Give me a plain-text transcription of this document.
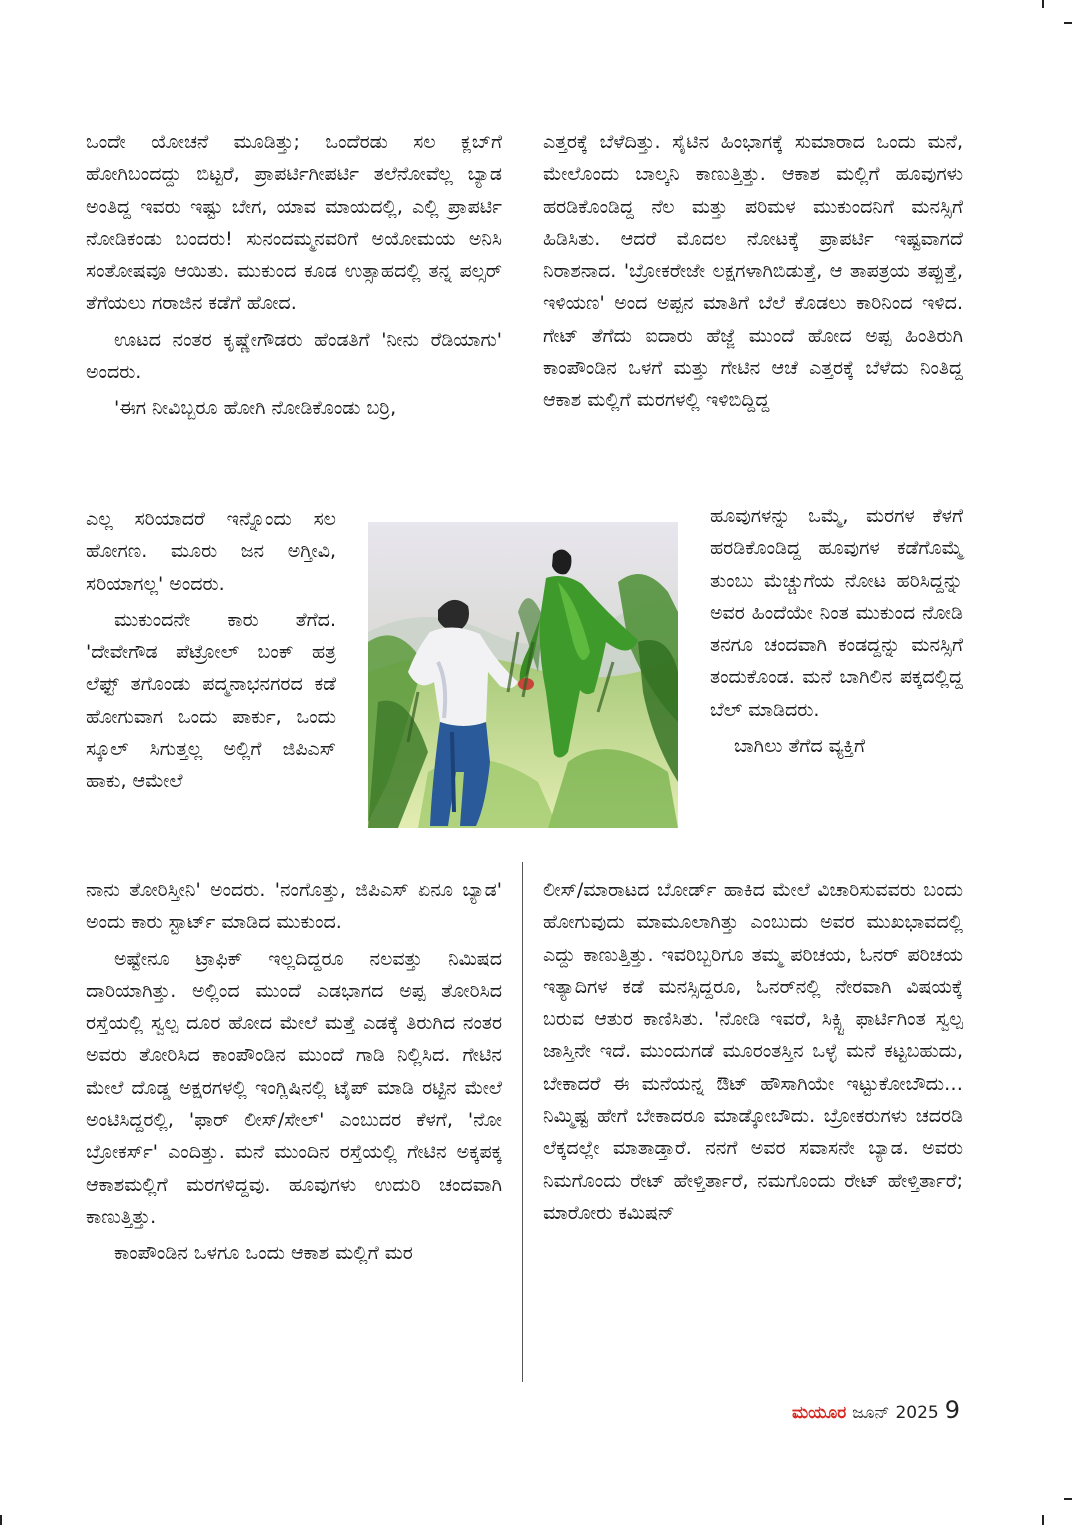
ಒಂದೇ ಯೋಚನೆ ಮೂಡಿತ್ತು; ಒಂದೆರಡು ಸಲ ಕ್ಲಬ್‌ಗೆ ಹೋಗಿಬಂದದ್ದು ಬಿಟ್ಟರೆ, ಪ್ರಾಪರ್ಟಿಗೀಪರ್ಟಿ ತಲೆನೋವೆಲ್ಲ ಬ್ಯಾಡ ಅಂತಿದ್ದ ಇವರು ಇಷ್ಟು ಬೇಗ, ಯಾವ ಮಾಯದಲ್ಲಿ, ಎಲ್ಲಿ ಪ್ರಾಪರ್ಟಿ ನೋಡಿಕಂಡು ಬಂದರು! ಸುನಂದಮ್ಮನವರಿಗೆ ಅಯೋಮಯ ಅನಿಸಿ ಸಂತೋಷವೂ ಆಯಿತು. ಮುಕುಂದ ಕೂಡ ಉತ್ಸಾಹದಲ್ಲಿ ತನ್ನ ಪಲ್ಸರ್ ತೆಗೆಯಲು ಗರಾಜಿನ ಕಡೆಗೆ ಹೋದ.

ಊಟದ ನಂತರ ಕೃಷ್ಣೇಗೌಡರು ಹೆಂಡತಿಗೆ 'ನೀನು ರೆಡಿಯಾಗು' ಅಂದರು.

'ಈಗ ನೀವಿಬ್ಬರೂ ಹೋಗಿ ನೋಡಿಕೊಂಡು ಬರ್ರಿ,

ಎಲ್ಲ ಸರಿಯಾದರೆ ಇನ್ನೊಂದು ಸಲ ಹೋಗಣ. ಮೂರು ಜನ ಅಗ್ತೀವಿ, ಸರಿಯಾಗಲ್ಲ' ಅಂದರು.

ಮುಕುಂದನೇ ಕಾರು ತೆಗೆದ. 'ದೇವೇಗೌಡ ಪೆಟ್ರೋಲ್ ಬಂಕ್ ಹತ್ರ ಲೆಫ್ಟ್ ತಗೊಂಡು ಪದ್ಮನಾಭನಗರದ ಕಡೆ ಹೋಗುವಾಗ ಒಂದು ಪಾರ್ಕು, ಒಂದು ಸ್ಕೂಲ್ ಸಿಗುತ್ತಲ್ಲ ಅಲ್ಲಿಗೆ ಜಿಪಿಎಸ್ ಹಾಕು, ಆಮೇಲೆ

ನಾನು ತೋರಿಸ್ತೀನಿ' ಅಂದರು. 'ನಂಗೊತ್ತು, ಜಿಪಿಎಸ್ ಏನೂ ಬ್ಯಾಡ' ಅಂದು ಕಾರು ಸ್ಟಾರ್ಟ್ ಮಾಡಿದ ಮುಕುಂದ.

ಅಷ್ಟೇನೂ ಟ್ರಾಫಿಕ್ ಇಲ್ಲದಿದ್ದರೂ ನಲವತ್ತು ನಿಮಿಷದ ದಾರಿಯಾಗಿತ್ತು. ಅಲ್ಲಿಂದ ಮುಂದೆ ಎಡಭಾಗದ ಅಪ್ಪ ತೋರಿಸಿದ ರಸ್ತೆಯಲ್ಲಿ ಸ್ವಲ್ಪ ದೂರ ಹೋದ ಮೇಲೆ ಮತ್ತೆ ಎಡಕ್ಕೆ ತಿರುಗಿದ ನಂತರ ಅವರು ತೋರಿಸಿದ ಕಾಂಪೌಂಡಿನ ಮುಂದೆ ಗಾಡಿ ನಿಲ್ಲಿಸಿದ. ಗೇಟಿನ ಮೇಲೆ ದೊಡ್ಡ ಅಕ್ಷರಗಳಲ್ಲಿ ಇಂಗ್ಲಿಷಿನಲ್ಲಿ ಟೈಪ್ ಮಾಡಿ ರಟ್ಟಿನ ಮೇಲೆ ಅಂಟಿಸಿದ್ದರಲ್ಲಿ, 'ಫಾರ್ ಲೀಸ್/ಸೇಲ್' ಎಂಬುದರ ಕೆಳಗೆ, 'ನೋ ಬ್ರೋಕರ್ಸ್' ಎಂದಿತ್ತು. ಮನೆ ಮುಂದಿನ ರಸ್ತೆಯಲ್ಲಿ ಗೇಟಿನ ಅಕ್ಕಪಕ್ಕ ಆಕಾಶಮಲ್ಲಿಗೆ ಮರಗಳಿದ್ದವು. ಹೂವುಗಳು ಉದುರಿ ಚಂದವಾಗಿ ಕಾಣುತ್ತಿತ್ತು.

ಕಾಂಪೌಂಡಿನ ಒಳಗೂ ಒಂದು ಆಕಾಶ ಮಲ್ಲಿಗೆ ಮರ

ಎತ್ತರಕ್ಕೆ ಬೆಳೆದಿತ್ತು. ಸೈಟಿನ ಹಿಂಭಾಗಕ್ಕೆ ಸುಮಾರಾದ ಒಂದು ಮನೆ, ಮೇಲೊಂದು ಬಾಲ್ಕನಿ ಕಾಣುತ್ತಿತ್ತು. ಆಕಾಶ ಮಲ್ಲಿಗೆ ಹೂವುಗಳು ಹರಡಿಕೊಂಡಿದ್ದ ನೆಲ ಮತ್ತು ಪರಿಮಳ ಮುಕುಂದನಿಗೆ ಮನಸ್ಸಿಗೆ ಹಿಡಿಸಿತು. ಆದರೆ ಮೊದಲ ನೋಟಕ್ಕೆ ಪ್ರಾಪರ್ಟಿ ಇಷ್ಟವಾಗದೆ ನಿರಾಶನಾದ. 'ಬ್ರೋಕರೇಜೇ ಲಕ್ಷಗಳಾಗಿಬಿಡುತ್ತೆ, ಆ ತಾಪತ್ರಯ ತಪ್ಪುತ್ತೆ, ಇಳಿಯಣ' ಅಂದ ಅಪ್ಪನ ಮಾತಿಗೆ ಬೆಲೆ ಕೊಡಲು ಕಾರಿನಿಂದ ಇಳಿದ. ಗೇಟ್ ತೆಗೆದು ಐದಾರು ಹೆಜ್ಜೆ ಮುಂದೆ ಹೋದ ಅಪ್ಪ ಹಿಂತಿರುಗಿ ಕಾಂಪೌಂಡಿನ ಒಳಗೆ ಮತ್ತು ಗೇಟಿನ ಆಚೆ ಎತ್ತರಕ್ಕೆ ಬೆಳೆದು ನಿಂತಿದ್ದ ಆಕಾಶ ಮಲ್ಲಿಗೆ ಮರಗಳಲ್ಲಿ ಇಳಿಬಿದ್ದಿದ್ದ

ಹೂವುಗಳನ್ನು ಒಮ್ಮೆ, ಮರಗಳ ಕೆಳಗೆ ಹರಡಿಕೊಂಡಿದ್ದ ಹೂವುಗಳ ಕಡೆಗೊಮ್ಮೆ ತುಂಬು ಮೆಚ್ಚುಗೆಯ ನೋಟ ಹರಿಸಿದ್ದನ್ನು ಅವರ ಹಿಂದೆಯೇ ನಿಂತ ಮುಕುಂದ ನೋಡಿ ತನಗೂ ಚಂದವಾಗಿ ಕಂಡದ್ದನ್ನು ಮನಸ್ಸಿಗೆ ತಂದುಕೊಂಡ. ಮನೆ ಬಾಗಿಲಿನ ಪಕ್ಕದಲ್ಲಿದ್ದ ಬೆಲ್ ಮಾಡಿದರು.

ಬಾಗಿಲು ತೆಗೆದ ವ್ಯಕ್ತಿಗೆ

ಲೀಸ್/ಮಾರಾಟದ ಬೋರ್ಡ್ ಹಾಕಿದ ಮೇಲೆ ವಿಚಾರಿಸುವವರು ಬಂದು ಹೋಗುವುದು ಮಾಮೂಲಾಗಿತ್ತು ಎಂಬುದು ಅವರ ಮುಖಭಾವದಲ್ಲಿ ಎದ್ದು ಕಾಣುತ್ತಿತ್ತು. ಇವರಿಬ್ಬರಿಗೂ ತಮ್ಮ ಪರಿಚಯ, ಓನರ್ ಪರಿಚಯ ಇತ್ಯಾದಿಗಳ ಕಡೆ ಮನಸ್ಸಿದ್ದರೂ, ಓನರ್‌ನಲ್ಲಿ ನೇರವಾಗಿ ವಿಷಯಕ್ಕೆ ಬರುವ ಆತುರ ಕಾಣಿಸಿತು. 'ನೋಡಿ ಇವರೆ, ಸಿಕ್ಸ್ಟಿ ಫಾರ್ಟಿಗಿಂತ ಸ್ವಲ್ಪ ಜಾಸ್ತಿನೇ ಇದೆ. ಮುಂದುಗಡೆ ಮೂರಂತಸ್ತಿನ ಒಳ್ಳೆ ಮನೆ ಕಟ್ಟಬಹುದು, ಬೇಕಾದರೆ ಈ ಮನೆಯನ್ನ ಔಟ್ ಹೌಸಾಗಿಯೇ ಇಟ್ಟುಕೋಬೌದು… ನಿಮ್ಮಿಷ್ಟ ಹೇಗೆ ಬೇಕಾದರೂ ಮಾಡ್ಕೋಬೌದು. ಬ್ರೋಕರುಗಳು ಚದರಡಿ ಲೆಕ್ಕದಲ್ಲೇ ಮಾತಾಡ್ತಾರೆ. ನನಗೆ ಅವರ ಸವಾಸನೇ ಬ್ಯಾಡ. ಅವರು ನಿಮಗೊಂದು ರೇಟ್ ಹೇಳ್ತಿರ್ತಾರೆ, ನಮಗೊಂದು ರೇಟ್ ಹೇಳ್ತಿರ್ತಾರೆ; ಮಾರೋರು ಕಮಿಷನ್

ಮಯೂರ ಜೂನ್ 2025 9
